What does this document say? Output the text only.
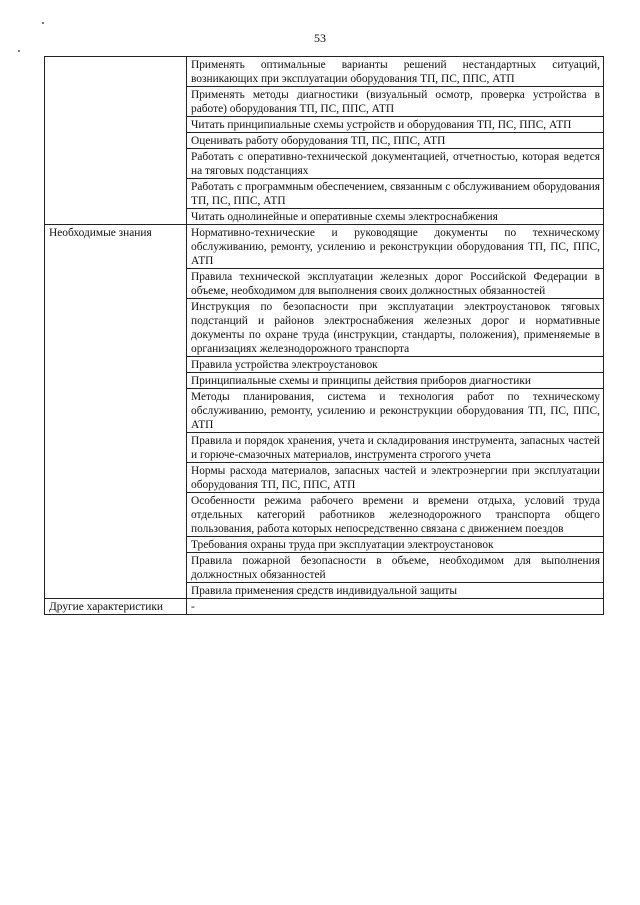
53
	Применять оптимальные варианты решений нестандартных ситуаций, возникающих при эксплуатации оборудования ТП, ПС, ППС, АТП
	Применять методы диагностики (визуальный осмотр, проверка устройства в работе) оборудования ТП, ПС, ППС, АТП
	Читать принципиальные схемы устройств и оборудования ТП, ПС, ППС, АТП
	Оценивать работу оборудования ТП, ПС, ППС, АТП
	Работать с оперативно-технической документацией, отчетностью, которая ведется на тяговых подстанциях
	Работать с программным обеспечением, связанным с обслуживанием оборудования ТП, ПС, ППС, АТП
	Читать однолинейные и оперативные схемы электроснабжения
Необходимые знания	Нормативно-технические и руководящие документы по техническому обслуживанию, ремонту, усилению и реконструкции оборудования ТП, ПС, ППС, АТП
	Правила технической эксплуатации железных дорог Российской Федерации в объеме, необходимом для выполнения своих должностных обязанностей
	Инструкция по безопасности при эксплуатации электроустановок тяговых подстанций и районов электроснабжения железных дорог и нормативные документы по охране труда (инструкции, стандарты, положения), применяемые в организациях железнодорожного транспорта
	Правила устройства электроустановок
	Принципиальные схемы и принципы действия приборов диагностики
	Методы планирования, система и технология работ по техническому обслуживанию, ремонту, усилению и реконструкции оборудования ТП, ПС, ППС, АТП
	Правила и порядок хранения, учета и складирования инструмента, запасных частей и горюче-смазочных материалов, инструмента строгого учета
	Нормы расхода материалов, запасных частей и электроэнергии при эксплуатации оборудования ТП, ПС, ППС, АТП
	Особенности режима рабочего времени и времени отдыха, условий труда отдельных категорий работников железнодорожного транспорта общего пользования, работа которых непосредственно связана с движением поездов
	Требования охраны труда при эксплуатации электроустановок
	Правила пожарной безопасности в объеме, необходимом для выполнения должностных обязанностей
	Правила применения средств индивидуальной защиты
Другие характеристики	-
